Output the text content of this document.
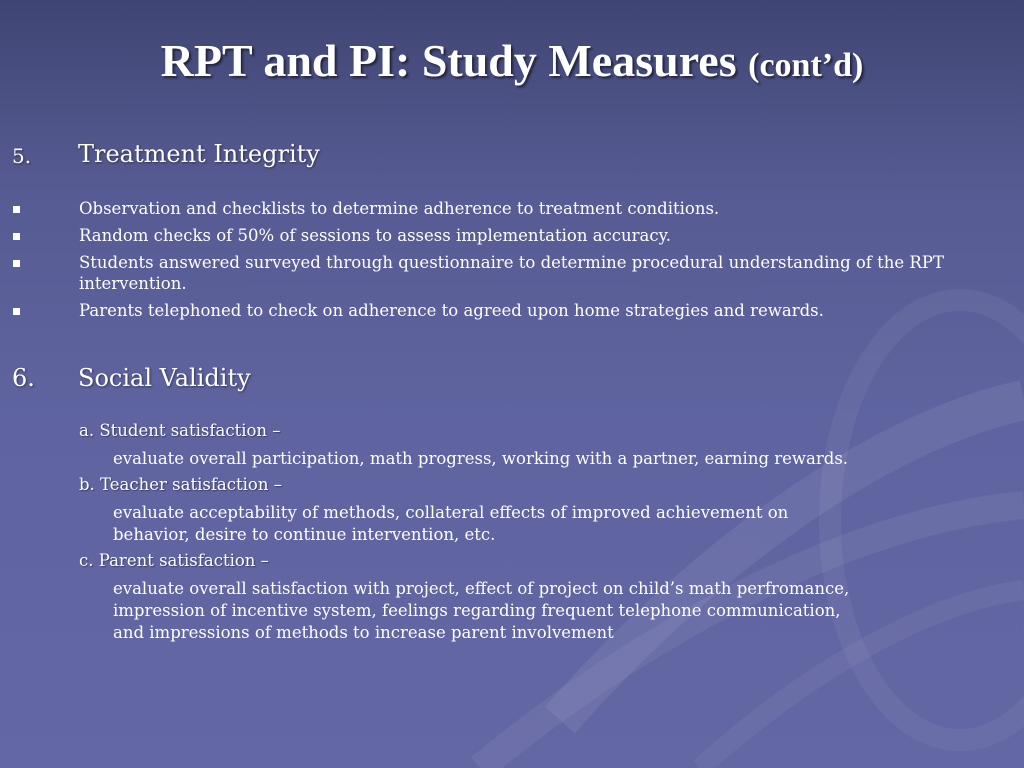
RPT and PI: Study Measures (cont’d)
5. Treatment Integrity
Observation and checklists to determine adherence to treatment conditions.
Random checks of 50% of sessions to assess implementation accuracy.
Students answered surveyed through questionnaire to determine procedural understanding of the RPT intervention.
Parents telephoned to check on adherence to agreed upon home strategies and rewards.
6. Social Validity
a. Student satisfaction –
evaluate overall participation, math progress, working with a partner, earning rewards.
b. Teacher satisfaction –
evaluate acceptability of methods, collateral effects of improved achievement on
behavior, desire to continue intervention, etc.
c. Parent satisfaction –
evaluate overall satisfaction with project, effect of project on child’s math perfromance,
impression of incentive system, feelings regarding frequent telephone communication,
and impressions of methods to increase parent involvement
